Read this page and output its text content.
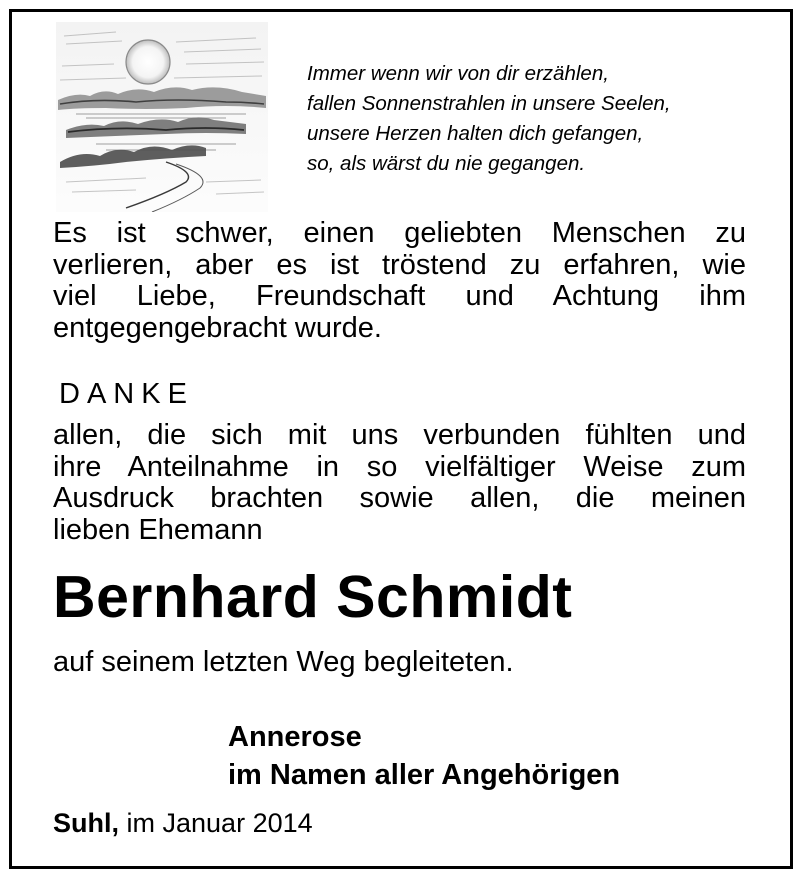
Immer wenn wir von dir erzählen,
fallen Sonnenstrahlen in unsere Seelen,
unsere Herzen halten dich gefangen,
so, als wärst du nie gegangen.
Es ist schwer, einen geliebten Menschen zu
verlieren, aber es ist tröstend zu erfahren, wie
viel Liebe, Freundschaft und Achtung ihm
entgegengebracht wurde.
DANKE
allen, die sich mit uns verbunden fühlten und
ihre Anteilnahme in so vielfältiger Weise zum
Ausdruck brachten sowie allen, die meinen
lieben Ehemann
Bernhard Schmidt
auf seinem letzten Weg begleiteten.
Annerose
im Namen aller Angehörigen
Suhl, im Januar 2014
